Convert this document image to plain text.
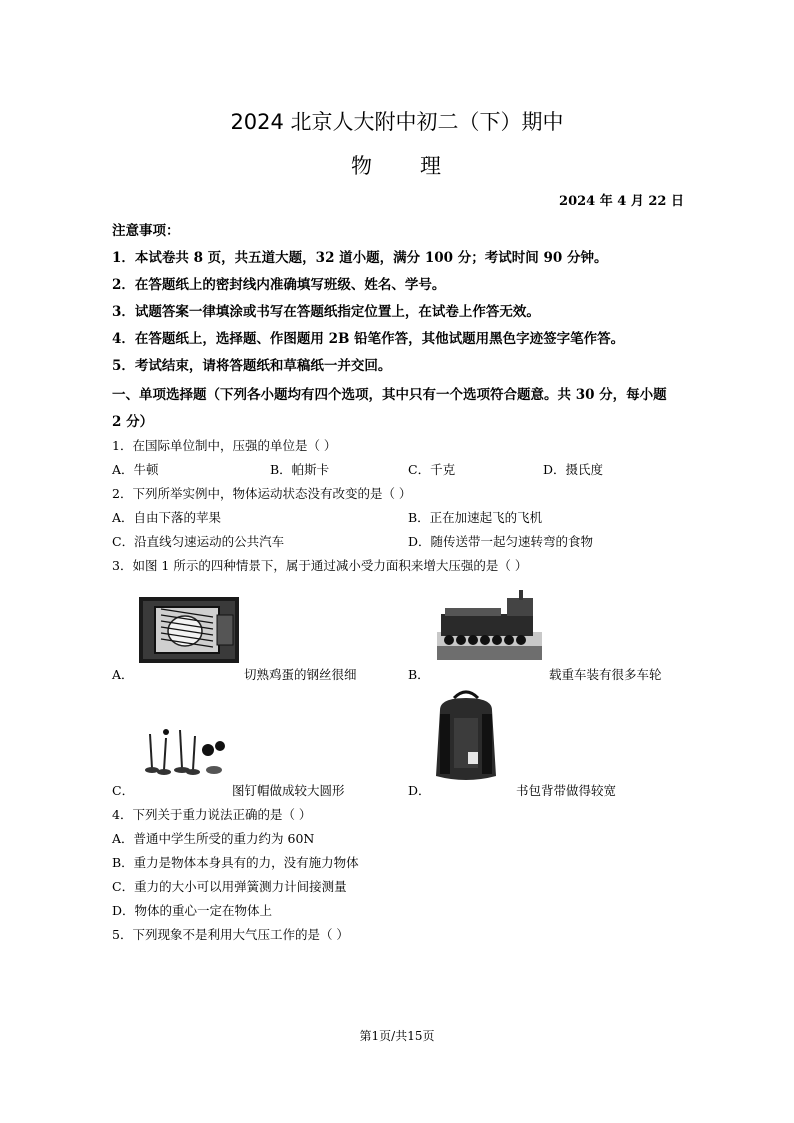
2024 北京人大附中初二（下）期中
物 理
2024 年 4 月 22 日
注意事项：
1．本试卷共 8 页，共五道大题，32 道小题，满分 100 分；考试时间 90 分钟。
2．在答题纸上的密封线内准确填写班级、姓名、学号。
3．试题答案一律填涂或书写在答题纸指定位置上，在试卷上作答无效。
4．在答题纸上，选择题、作图题用 2B 铅笔作答，其他试题用黑色字迹签字笔作答。
5．考试结束，请将答题纸和草稿纸一并交回。
一、单项选择题（下列各小题均有四个选项，其中只有一个选项符合题意。共 30 分，每小题
2 分）
1．在国际单位制中，压强的单位是（ ）
A．牛顿	B．帕斯卡	C．千克	D．摄氏度
2．下列所举实例中，物体运动状态没有改变的是（ ）
A．自由下落的苹果	B．正在加速起飞的飞机
C．沿直线匀速运动的公共汽车	D．随传送带一起匀速转弯的食物
3．如图 1 所示的四种情景下，属于通过减小受力面积来增大压强的是（ ）
A．	切熟鸡蛋的钢丝很细	B．	载重车装有很多车轮
C．	图钉帽做成较大圆形	D．	书包背带做得较宽
4．下列关于重力说法正确的是（ ）
A．普通中学生所受的重力约为 60N
B．重力是物体本身具有的力，没有施力物体
C．重力的大小可以用弹簧测力计间接测量
D．物体的重心一定在物体上
5．下列现象不是利用大气压工作的是（ ）
第1页/共15页
